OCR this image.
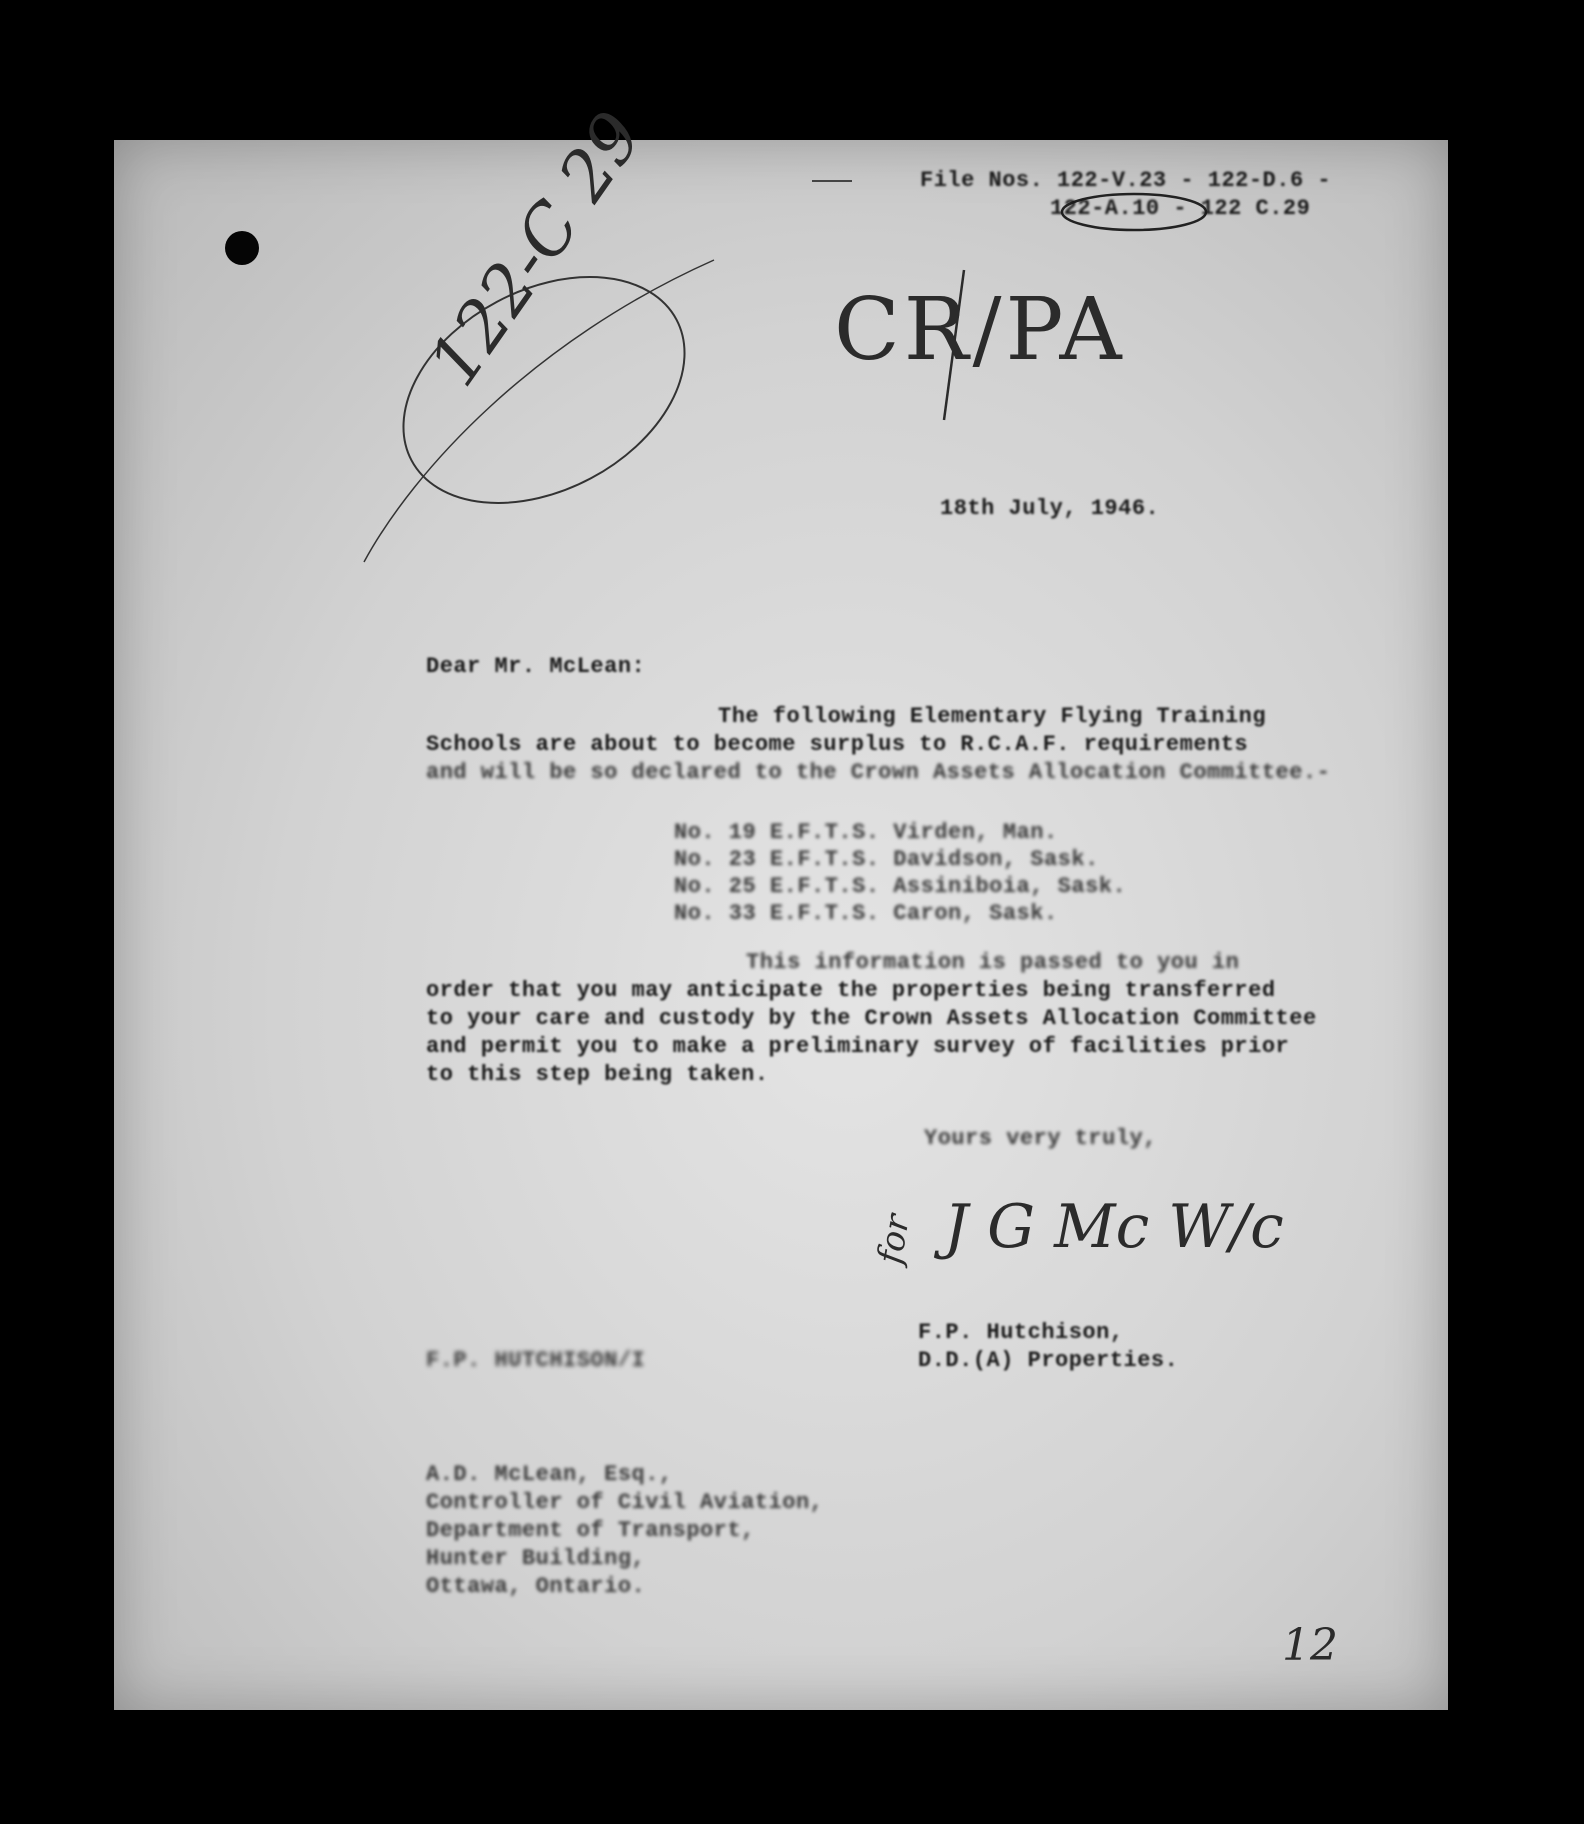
File Nos. 122-V.23 - 122-D.6 -
122-A.10 - 122 C.29
122-C 29 CR/PA
18th July, 1946.
Dear Mr. McLean:
The following Elementary Flying Training
Schools are about to become surplus to R.C.A.F. requirements
and will be so declared to the Crown Assets Allocation Committee.-
No. 19 E.F.T.S. Virden, Man.
No. 23 E.F.T.S. Davidson, Sask.
No. 25 E.F.T.S. Assiniboia, Sask.
No. 33 E.F.T.S. Caron, Sask.
This information is passed to you in
order that you may anticipate the properties being transferred
to your care and custody by the Crown Assets Allocation Committee
and permit you to make a preliminary survey of facilities prior
to this step being taken.
Yours very truly,
J G Mc W/c
for
F.P. Hutchison,
D.D.(A) Properties.
F.P. HUTCHISON/I
A.D. McLean, Esq.,
Controller of Civil Aviation,
Department of Transport,
Hunter Building,
Ottawa, Ontario.
12
